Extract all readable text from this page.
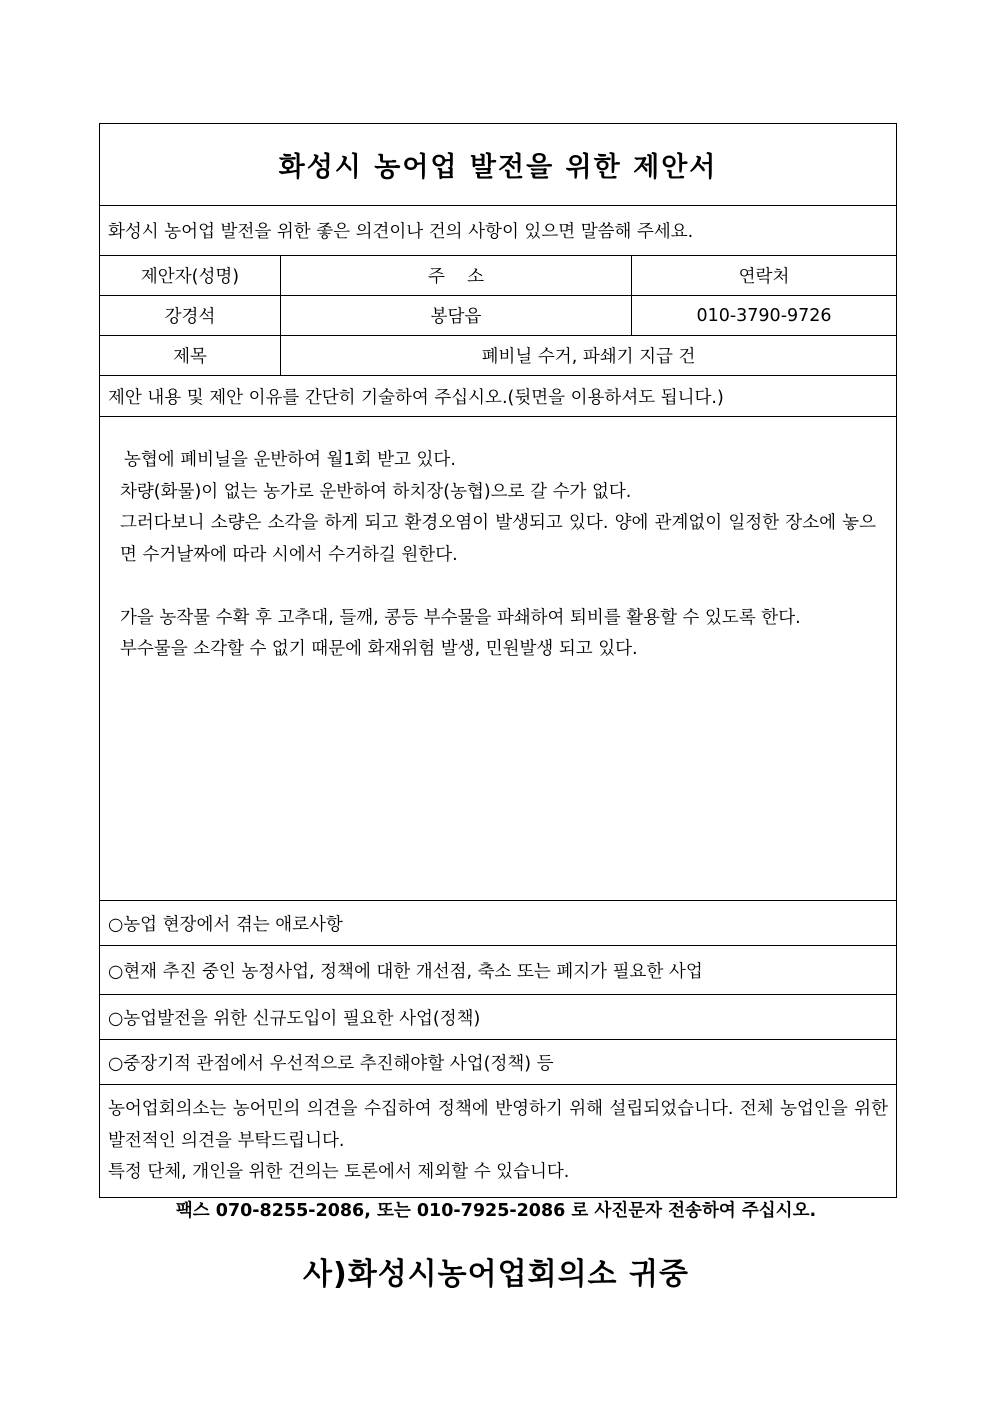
화성시 농어업 발전을 위한 제안서
화성시 농어업 발전을 위한 좋은 의견이나 건의 사항이 있으면 말씀해 주세요.
제안자(성명)	주    소	연락처
강경석	봉담읍	010-3790-9726
제목	폐비닐 수거, 파쇄기 지급 건
제안 내용 및 제안 이유를 간단히 기술하여 주십시오.(뒷면을 이용하셔도 됩니다.)

농협에 폐비닐을 운반하여 월1회 받고 있다.

차량(화물)이 없는 농가로 운반하여 하치장(농협)으로 갈 수가 없다.

그러다보니 소량은 소각을 하게 되고 환경오염이 발생되고 있다. 양에 관계없이 일정한 장소에 놓으면 수거날짜에 따라 시에서 수거하길 원한다.

가을 농작물 수확 후 고추대, 들깨, 콩등 부수물을 파쇄하여 퇴비를 활용할 수 있도록 한다.

부수물을 소각할 수 없기 때문에 화재위험 발생, 민원발생 되고 있다.

○농업 현장에서 겪는 애로사항
○현재 추진 중인 농정사업, 정책에 대한 개선점, 축소 또는 폐지가 필요한 사업
○농업발전을 위한 신규도입이 필요한 사업(정책)
○중장기적 관점에서 우선적으로 추진해야할 사업(정책) 등

농어업회의소는 농어민의 의견을 수집하여 정책에 반영하기 위해 설립되었습니다. 전체 농업인을 위한 발전적인 의견을 부탁드립니다.

특정 단체, 개인을 위한 건의는 토론에서 제외할 수 있습니다.

팩스 070-8255-2086, 또는 010-7925-2086 로 사진문자 전송하여 주십시오.
사)화성시농어업회의소 귀중
